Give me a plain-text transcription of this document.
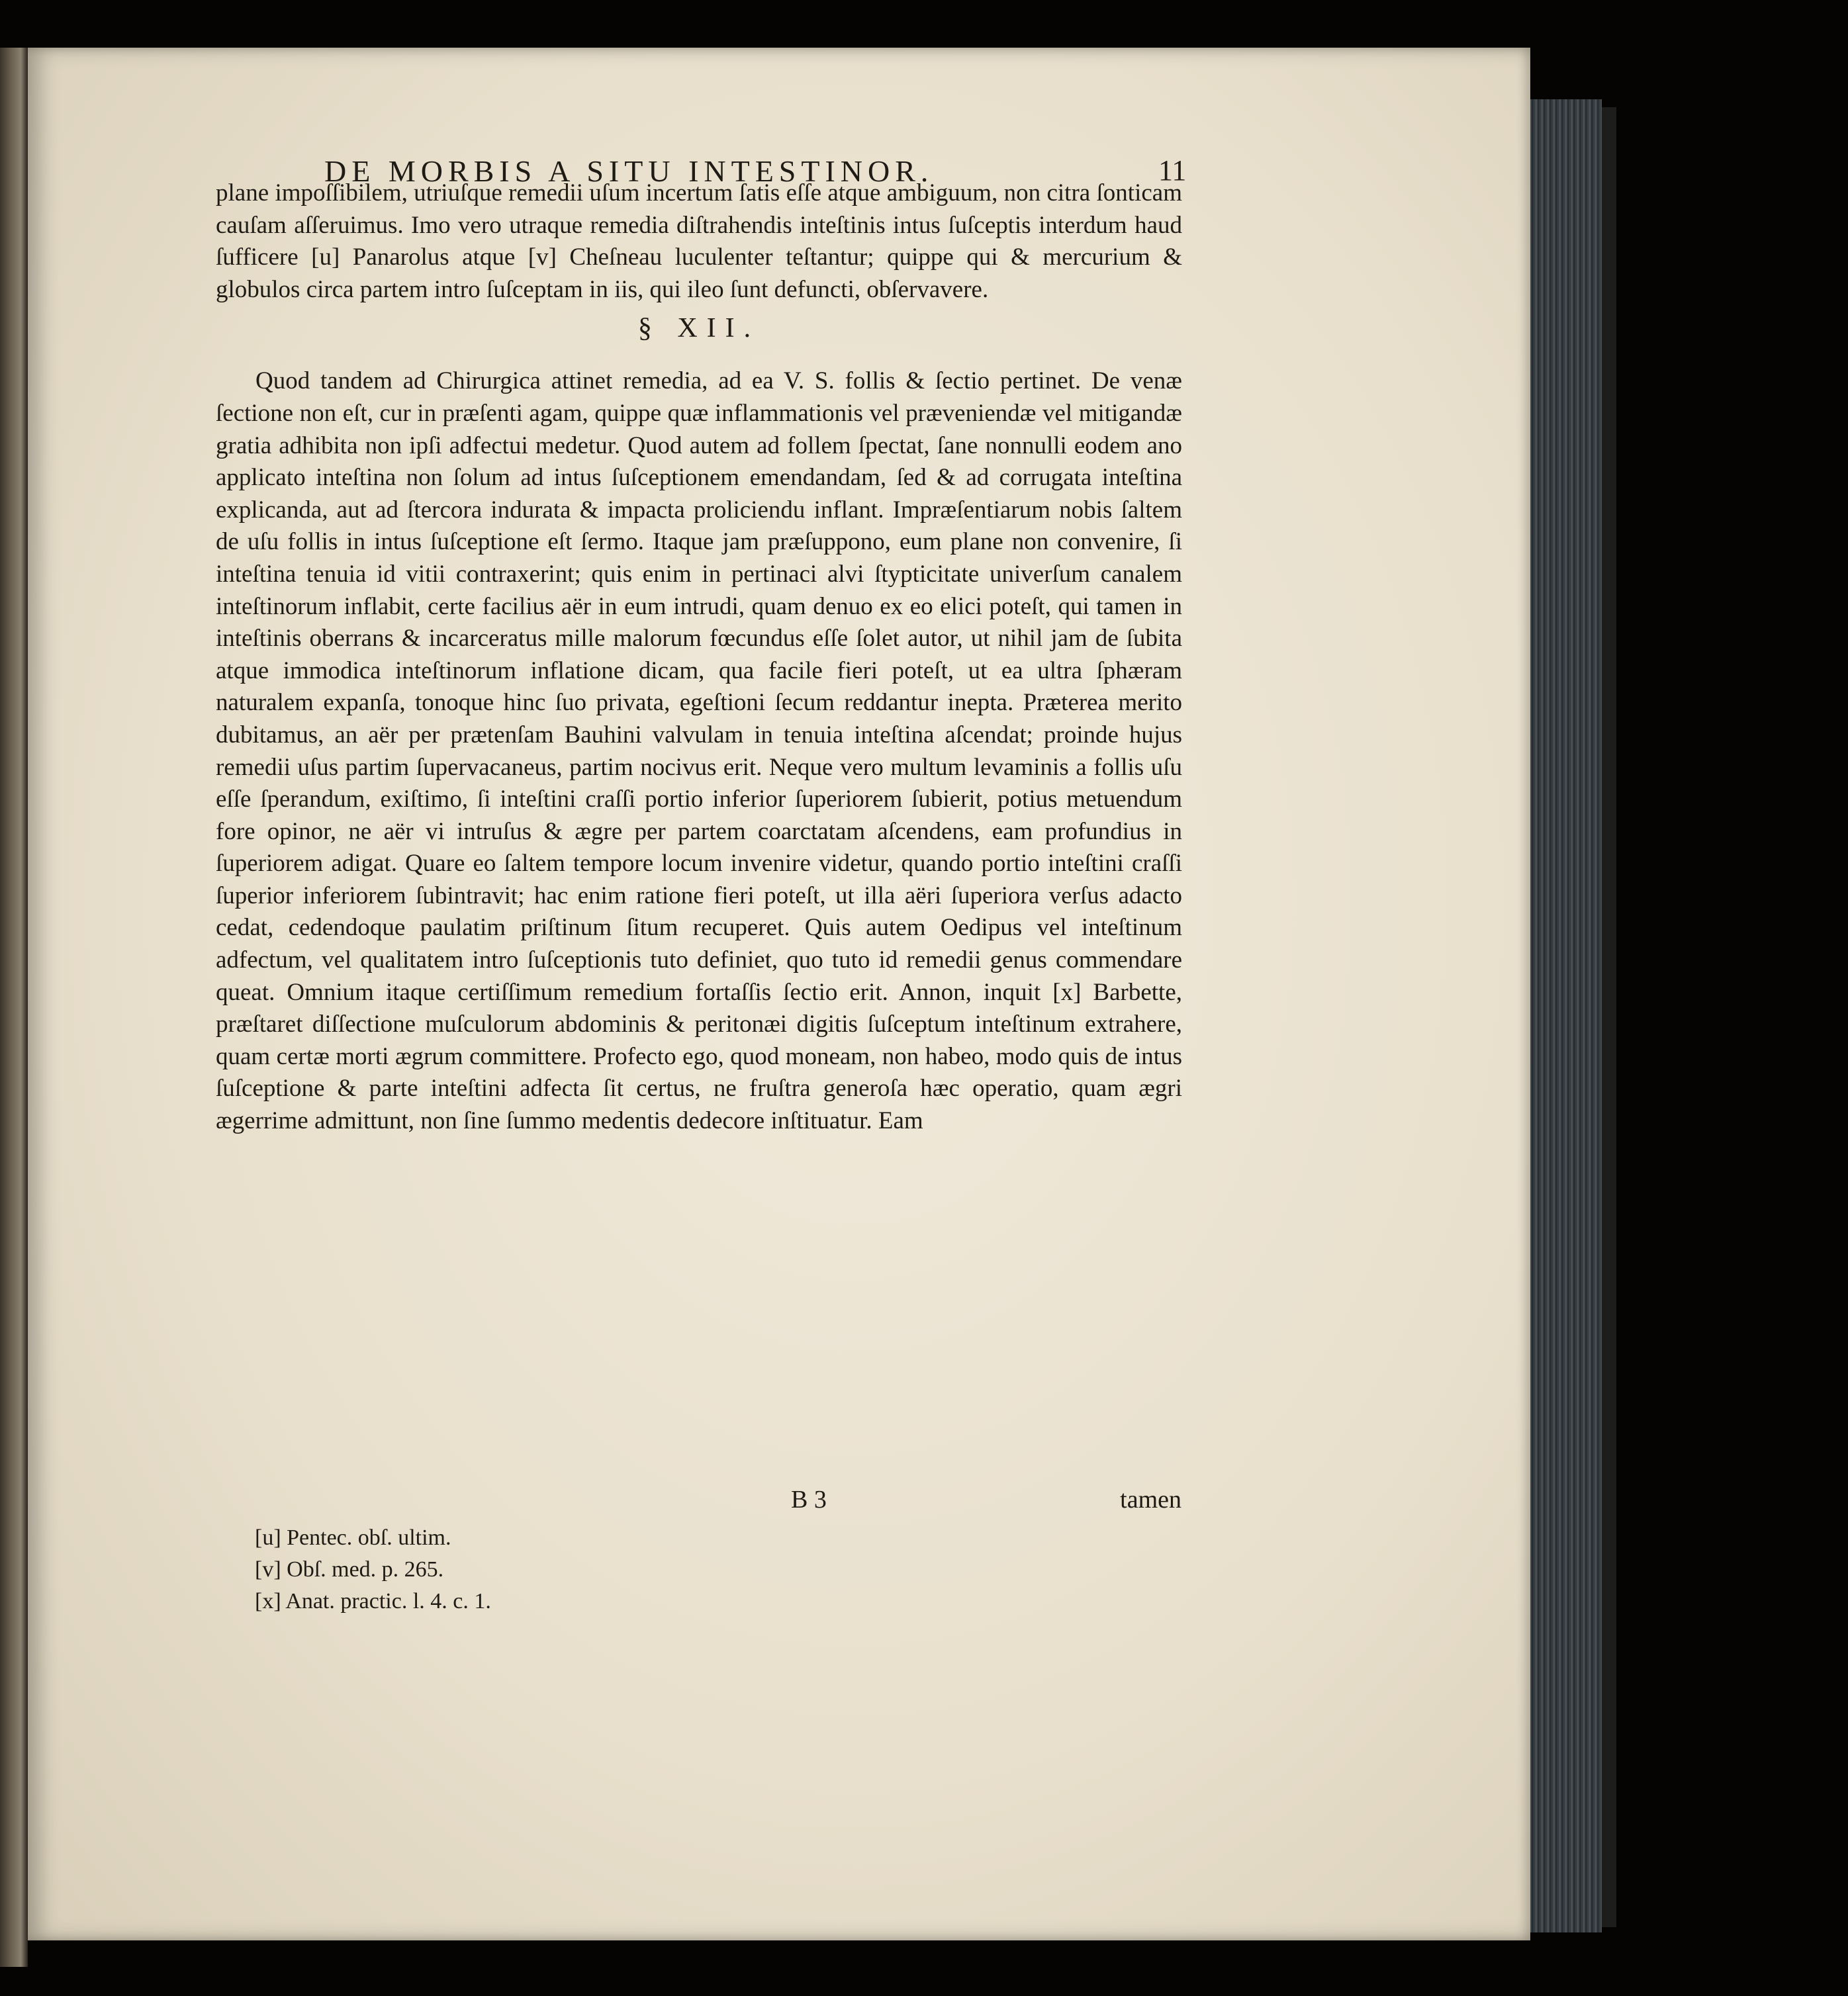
DE MORBIS A SITU INTESTINOR.	11

plane impoſſibilem, utriuſque remedii uſum incertum ſatis eſſe atque ambiguum, non citra ſonticam cauſam aſſeruimus. Imo vero utraque remedia diſtrahendis inteſtinis intus ſuſceptis interdum haud ſufficere [u] Panarolus atque [v] Cheſneau luculenter teſtantur; quippe qui & mercurium & globulos circa partem intro ſuſceptam in iis, qui ileo ſunt defuncti, obſervavere.

§ XII.

Quod tandem ad Chirurgica attinet remedia, ad ea V. S. follis & ſectio pertinet. De venæ ſectione non eſt, cur in præſenti agam, quippe quæ inflammationis vel præveniendæ vel mitigandæ gratia adhibita non ipſi adfectui medetur. Quod autem ad follem ſpectat, ſane nonnulli eodem ano applicato inteſtina non ſolum ad intus ſuſceptionem emendandam, ſed & ad corrugata inteſtina explicanda, aut ad ſtercora indurata & impacta proliciendu inflant. Impræſentiarum nobis ſaltem de uſu follis in intus ſuſceptione eſt ſermo. Itaque jam præſuppono, eum plane non convenire, ſi inteſtina tenuia id vitii contraxerint; quis enim in pertinaci alvi ſtypticitate univerſum canalem inteſtinorum inflabit, certe facilius aër in eum intrudi, quam denuo ex eo elici poteſt, qui tamen in inteſtinis oberrans & incarceratus mille malorum fœcundus eſſe ſolet autor, ut nihil jam de ſubita atque immodica inteſtinorum inflatione dicam, qua facile fieri poteſt, ut ea ultra ſphæram naturalem expanſa, tonoque hinc ſuo privata, egeſtioni ſecum reddantur inepta. Præterea merito dubitamus, an aër per prætenſam Bauhini valvulam in tenuia inteſtina aſcendat; proinde hujus remedii uſus partim ſupervacaneus, partim nocivus erit. Neque vero multum levaminis a follis uſu eſſe ſperandum, exiſtimo, ſi inteſtini craſſi portio inferior ſuperiorem ſubierit, potius metuendum fore opinor, ne aër vi intruſus & ægre per partem coarctatam aſcendens, eam profundius in ſuperiorem adigat. Quare eo ſaltem tempore locum invenire videtur, quando portio inteſtini craſſi ſuperior inferiorem ſubintravit; hac enim ratione fieri poteſt, ut illa aëri ſuperiora verſus adacto cedat, cedendoque paulatim priſtinum ſitum recuperet. Quis autem Oedipus vel inteſtinum adfectum, vel qualitatem intro ſuſceptionis tuto definiet, quo tuto id remedii genus commendare queat. Omnium itaque certiſſimum remedium fortaſſis ſectio erit. Annon, inquit [x] Barbette, præſtaret diſſectione muſculorum abdominis & peritonæi digitis ſuſceptum inteſtinum extrahere, quam certæ morti ægrum committere. Profecto ego, quod moneam, non habeo, modo quis de intus ſuſceptione & parte inteſtini adfecta ſit certus, ne fruſtra generoſa hæc operatio, quam ægri ægerrime admittunt, non ſine ſummo medentis dedecore inſtituatur. Eam

B 3	tamen
[u] Pentec. obſ. ultim.
[v] Obſ. med. p. 265.
[x] Anat. practic. l. 4. c. 1.
